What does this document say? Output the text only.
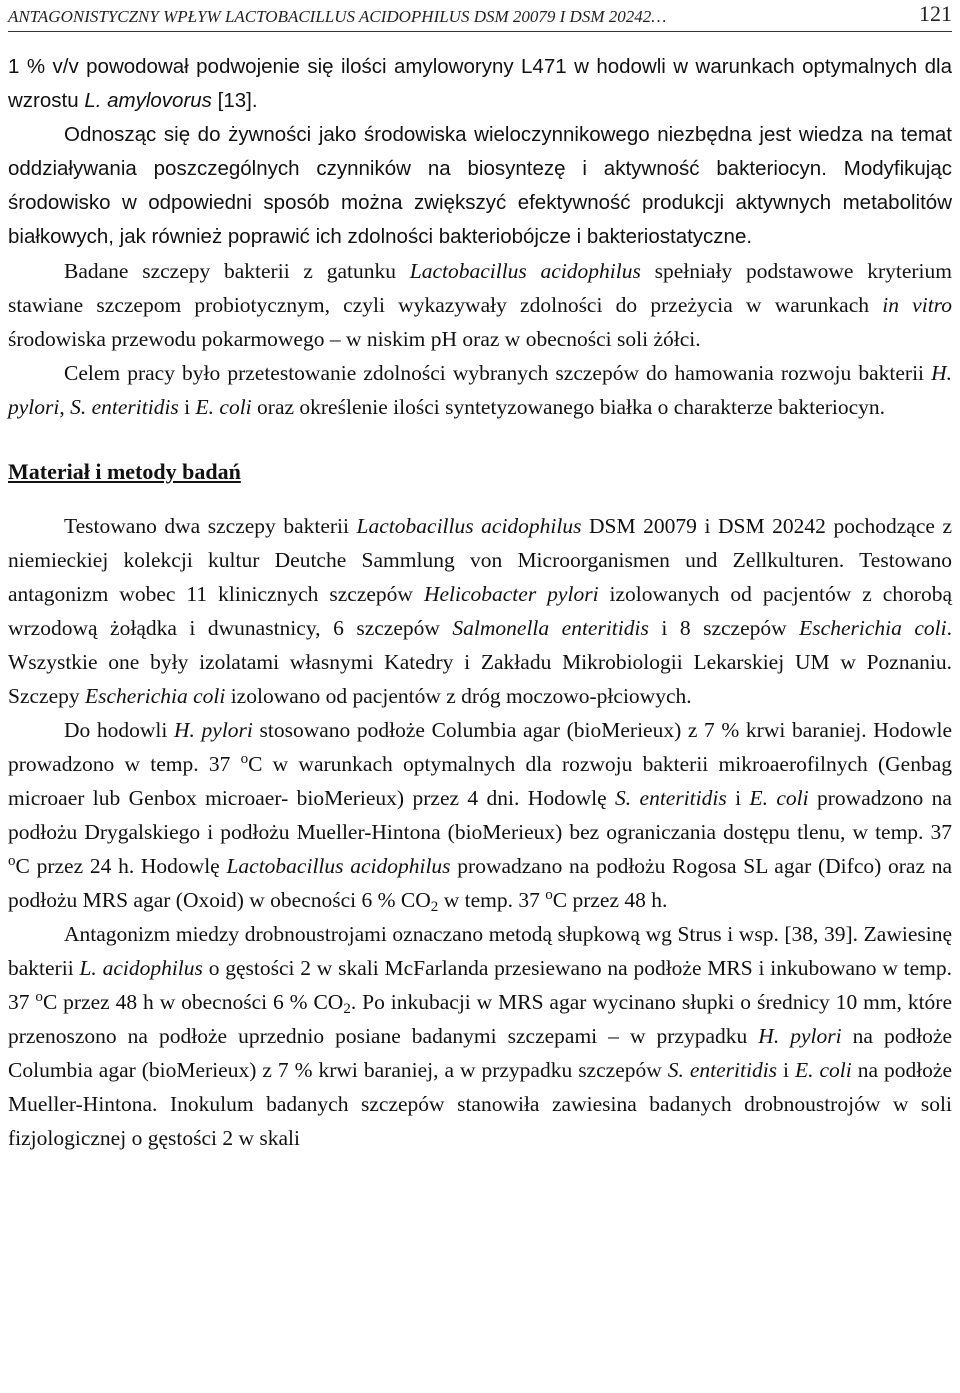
ANTAGONISTYCZNY WPŁYW LACTOBACILLUS ACIDOPHILUS DSM 20079 I DSM 20242…	121

1 % v/v powodował podwojenie się ilości amyloworyny L471 w hodowli w warunkach optymalnych dla wzrostu L. amylovorus [13].

Odnosząc się do żywności jako środowiska wieloczynnikowego niezbędna jest wiedza na temat oddziaływania poszczególnych czynników na biosyntezę i aktywność bakteriocyn. Modyfikując środowisko w odpowiedni sposób można zwiększyć efektywność produkcji aktywnych metabolitów białkowych, jak również poprawić ich zdolności bakteriobójcze i bakteriostatyczne.

Badane szczepy bakterii z gatunku Lactobacillus acidophilus spełniały podstawowe kryterium stawiane szczepom probiotycznym, czyli wykazywały zdolności do przeżycia w warunkach in vitro środowiska przewodu pokarmowego – w niskim pH oraz w obecności soli żółci.

Celem pracy było przetestowanie zdolności wybranych szczepów do hamowania rozwoju bakterii H. pylori, S. enteritidis i E. coli oraz określenie ilości syntetyzowanego białka o charakterze bakteriocyn.

Materiał i metody badań

Testowano dwa szczepy bakterii Lactobacillus acidophilus DSM 20079 i DSM 20242 pochodzące z niemieckiej kolekcji kultur Deutche Sammlung von Microorganismen und Zellkulturen. Testowano antagonizm wobec 11 klinicznych szczepów Helicobacter pylori izolowanych od pacjentów z chorobą wrzodową żołądka i dwunastnicy, 6 szczepów Salmonella enteritidis i 8 szczepów Escherichia coli. Wszystkie one były izolatami własnymi Katedry i Zakładu Mikrobiologii Lekarskiej UM w Poznaniu. Szczepy Escherichia coli izolowano od pacjentów z dróg moczowo-płciowych.

Do hodowli H. pylori stosowano podłoże Columbia agar (bioMerieux) z 7 % krwi baraniej. Hodowle prowadzono w temp. 37 $^o$C w warunkach optymalnych dla rozwoju bakterii mikroaerofilnych (Genbag microaer lub Genbox microaer- bioMerieux) przez 4 dni. Hodowlę S. enteritidis i E. coli prowadzono na podłożu Drygalskiego i podłożu Mueller-Hintona (bioMerieux) bez ograniczania dostępu tlenu, w temp. 37 $^o$C przez 24 h. Hodowlę Lactobacillus acidophilus prowadzano na podłożu Rogosa SL agar (Difco) oraz na podłożu MRS agar (Oxoid) w obecności 6 % $CO_2$ w temp. 37 $^o$C przez 48 h.

Antagonizm miedzy drobnoustrojami oznaczano metodą słupkową wg Strus i wsp. [38, 39]. Zawiesinę bakterii L. acidophilus o gęstości 2 w skali McFarlanda przesiewano na podłoże MRS i inkubowano w temp. 37 $^o$C przez 48 h w obecności 6 % $CO_2$. Po inkubacji w MRS agar wycinano słupki o średnicy 10 mm, które przenoszono na podłoże uprzednio posiane badanymi szczepami – w przypadku H. pylori na podłoże Columbia agar (bioMerieux) z 7 % krwi baraniej, a w przypadku szczepów S. enteritidis i E. coli na podłoże Mueller-Hintona. Inokulum badanych szczepów stanowiła zawiesina badanych drobnoustrojów w soli fizjologicznej o gęstości 2 w skali
